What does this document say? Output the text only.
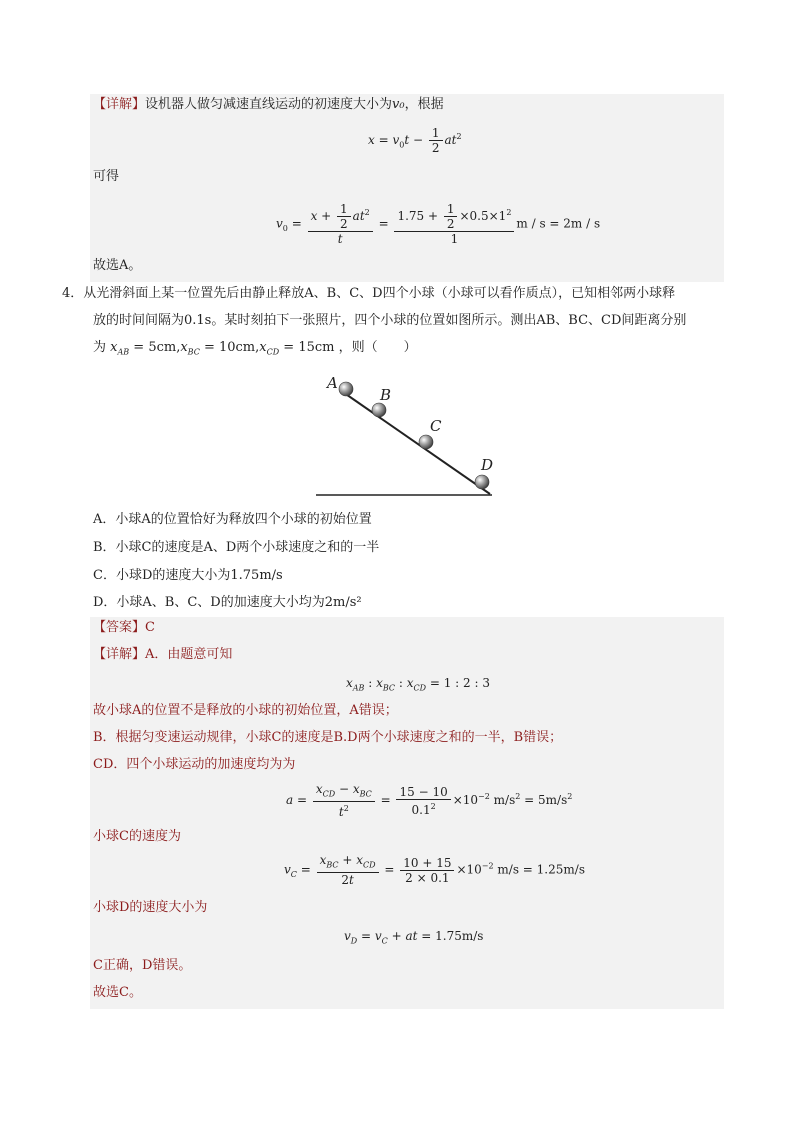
【详解】设机器人做匀减速直线运动的初速度大小为v₀，根据
$x = v_0t - \frac{1}{2} at^2$
可得
$v_0 = \frac{x + \frac{1}{2} at^2}{t} = \frac{1.75 + \frac{1}{2} \times 0.5\times 1^2}{1}$ m / s = 2m / s
故选A。
4．从光滑斜面上某一位置先后由静止释放A、B、C、D四个小球（小球可以看作质点），已知相邻两小球释
放的时间间隔为0.1s。某时刻拍下一张照片，四个小球的位置如图所示。测出AB、BC、CD间距离分别
为 $x_{AB} = 5cm,x_{BC} = 10cm,x_{CD} = 15cm$ ，则（　　）
A
B
C
D
A．小球A的位置恰好为释放四个小球的初始位置
B．小球C的速度是A、D两个小球速度之和的一半
C．小球D的速度大小为1.75m/s
D．小球A、B、C、D的加速度大小均为2m/s²
【答案】C
【详解】A．由题意可知
$x_{AB}$ : $x_{BC}$ : $x_{CD} = 1$ : 2 : 3
故小球A的位置不是释放的小球的初始位置，A错误；
B．根据匀变速运动规律，小球C的速度是B.D两个小球速度之和的一半，B错误；
CD．四个小球运动的加速度均为为
$a = \frac{x_{CD} - x_{BC}}{t^2} = \frac{15 - 10}{0.1^2} \times 10^{-2}$ $m/s^2 = 5m/s^2$
小球C的速度为
$v_C = \frac{x_{BC} + x_{CD}}{2t} = \frac{10 + 15}{2 \times 0.1} \times 10^{-2}$ m/s = 1.25m/s
小球D的速度大小为
$v_D = v_C$ + at = 1.75m/s
C正确，D错误。
故选C。
